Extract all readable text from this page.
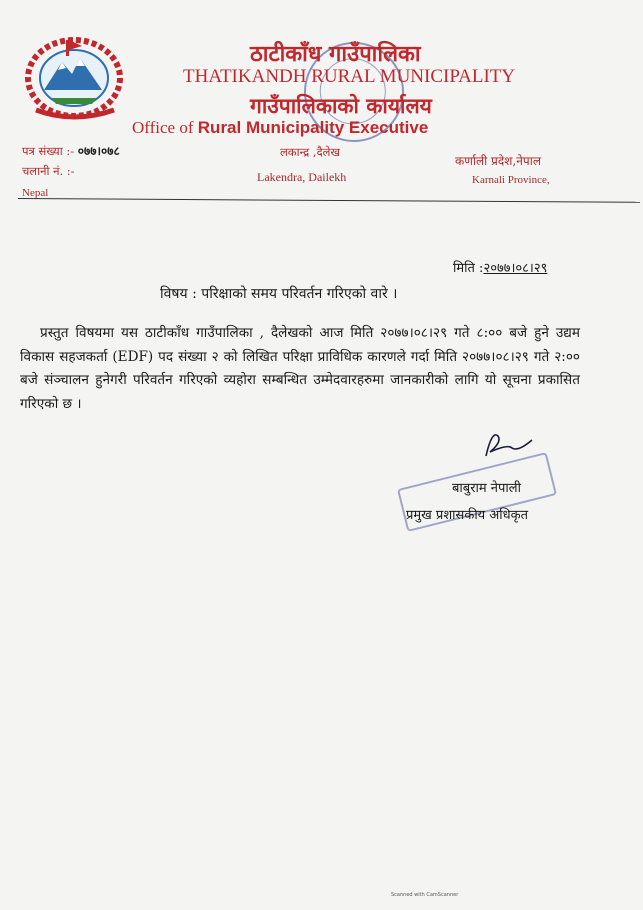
ठाटीकाँध गाउँपालिका
THATIKANDH RURAL MUNICIPALITY
गाउँपालिकाको कार्यालय
Office of Rural Municipality Executive
पत्र संख्या :- ०७७।०७८
चलानी नं. :-
Nepal
लकान्द्र ,दैलेख
Lakendra, Dailekh
कर्णाली प्रदेश,नेपाल
Karnali Province,
मिति :२०७७।०८।२९
विषय : परिक्षाको समय परिवर्तन गरिएको वारे ।

प्रस्तुत विषयमा यस ठाटीकाँध गाउँपालिका , दैलेखको आज मिति २०७७।०८।२९ गते ८:०० बजे हुने उद्यम विकास सहजकर्ता (EDF) पद संख्या २ को लिखित परिक्षा प्राविधिक कारणले गर्दा मिति २०७७।०८।२९ गते २:०० बजे संञ्चालन हुनेगरी परिवर्तन गरिएको व्यहोरा सम्बन्धित उम्मेदवारहरुमा जानकारीको लागि यो सूचना प्रकासित गरिएको छ ।

बाबुराम नेपाली
प्रमुख प्रशासकीय अधिकृत
Scanned with CamScanner
